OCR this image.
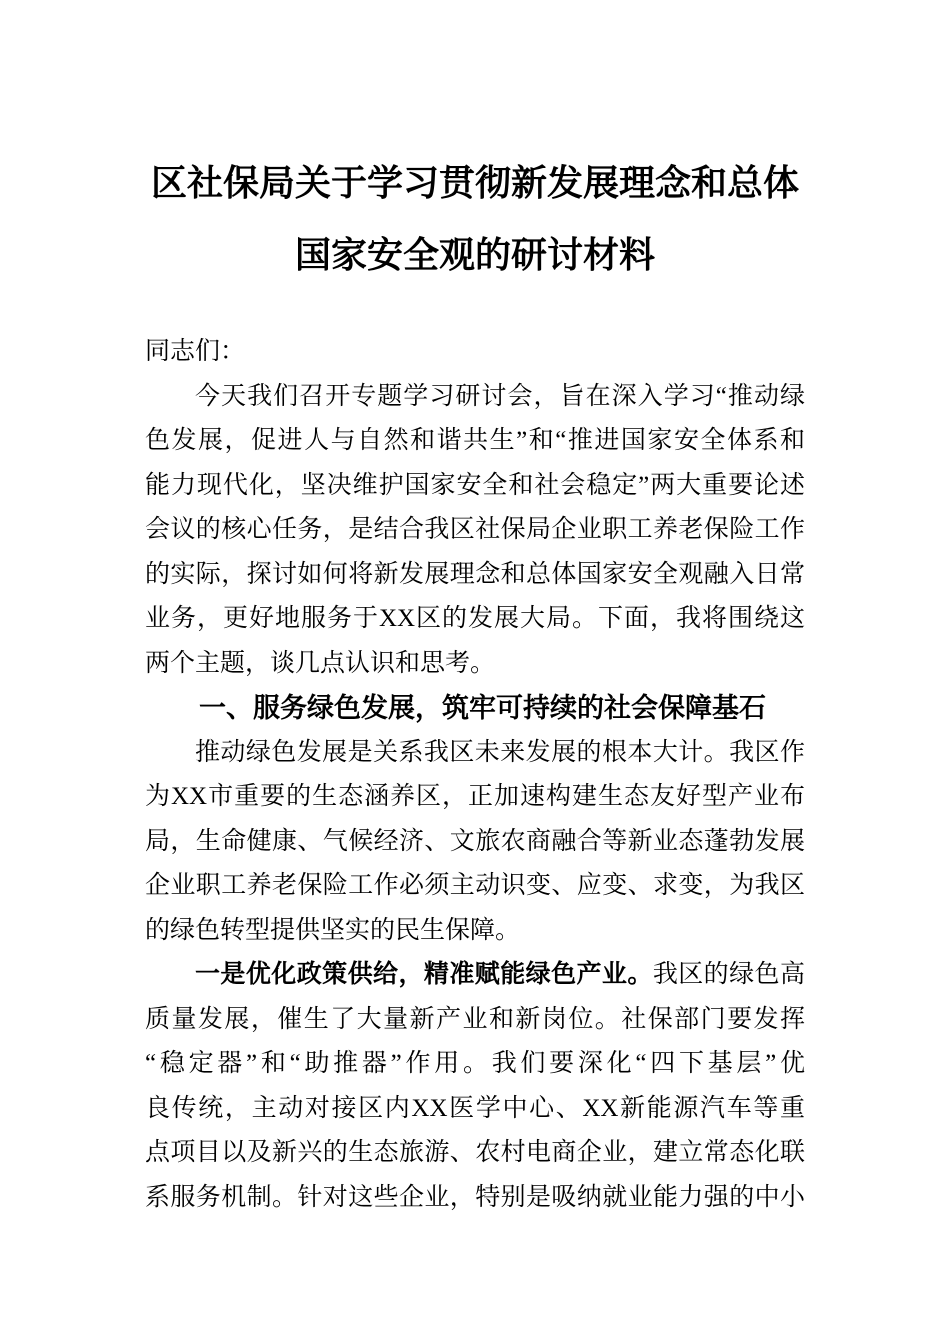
区社保局关于学习贯彻新发展理念和总体
国家安全观的研讨材料
同志们：
今天我们召开专题学习研讨会，旨在深入学习“推动绿
色发展，促进人与自然和谐共生”和“推进国家安全体系和
能力现代化，坚决维护国家安全和社会稳定”两大重要论述
会议的核心任务，是结合我区社保局企业职工养老保险工作
的实际，探讨如何将新发展理念和总体国家安全观融入日常
业务，更好地服务于XX区的发展大局。下面，我将围绕这
两个主题，谈几点认识和思考。
一、服务绿色发展，筑牢可持续的社会保障基石
推动绿色发展是关系我区未来发展的根本大计。我区作
为XX市重要的生态涵养区，正加速构建生态友好型产业布
局，生命健康、气候经济、文旅农商融合等新业态蓬勃发展
企业职工养老保险工作必须主动识变、应变、求变，为我区
的绿色转型提供坚实的民生保障。
一是优化政策供给，精准赋能绿色产业。我区的绿色高
质量发展，催生了大量新产业和新岗位。社保部门要发挥
“稳定器”和“助推器”作用。我们要深化“四下基层”优
良传统，主动对接区内XX医学中心、XX新能源汽车等重
点项目以及新兴的生态旅游、农村电商企业，建立常态化联
系服务机制。针对这些企业，特别是吸纳就业能力强的中小
